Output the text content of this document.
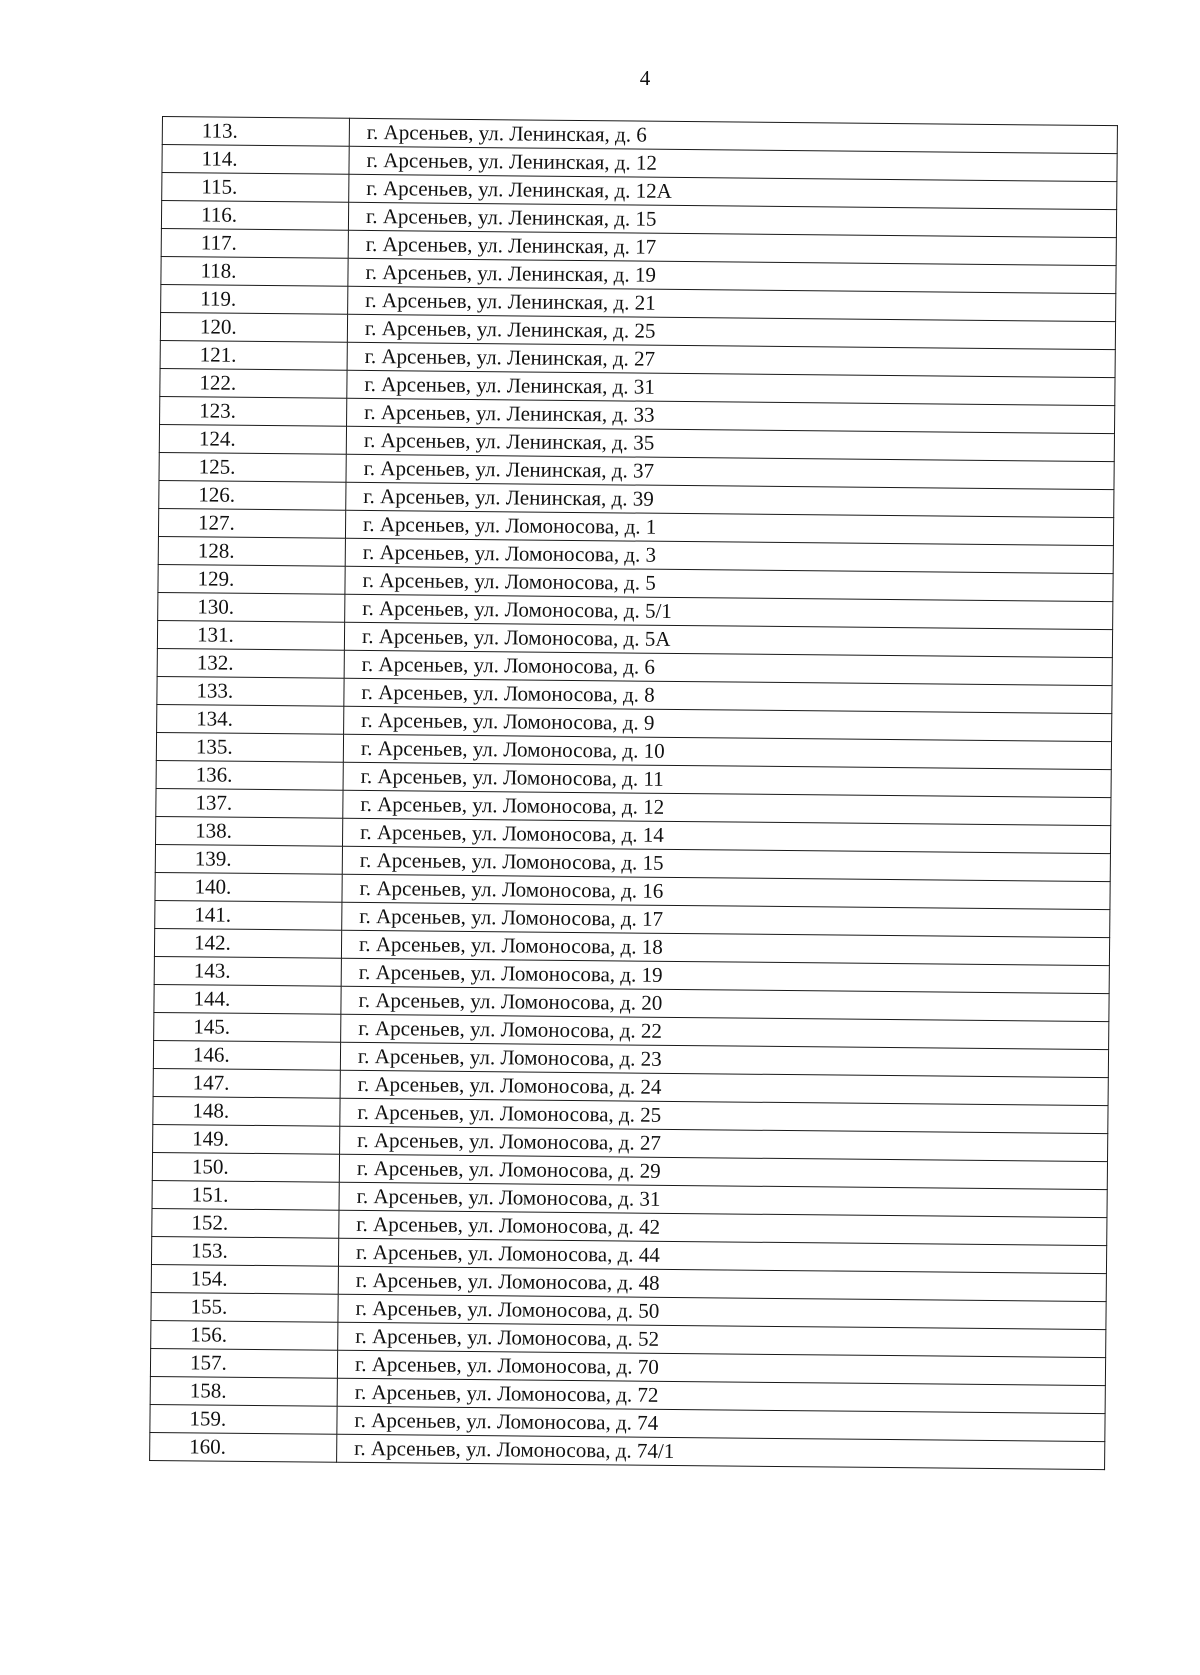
4
113.	г. Арсеньев, ул. Ленинская, д. 6
114.	г. Арсеньев, ул. Ленинская, д. 12
115.	г. Арсеньев, ул. Ленинская, д. 12А
116.	г. Арсеньев, ул. Ленинская, д. 15
117.	г. Арсеньев, ул. Ленинская, д. 17
118.	г. Арсеньев, ул. Ленинская, д. 19
119.	г. Арсеньев, ул. Ленинская, д. 21
120.	г. Арсеньев, ул. Ленинская, д. 25
121.	г. Арсеньев, ул. Ленинская, д. 27
122.	г. Арсеньев, ул. Ленинская, д. 31
123.	г. Арсеньев, ул. Ленинская, д. 33
124.	г. Арсеньев, ул. Ленинская, д. 35
125.	г. Арсеньев, ул. Ленинская, д. 37
126.	г. Арсеньев, ул. Ленинская, д. 39
127.	г. Арсеньев, ул. Ломоносова, д. 1
128.	г. Арсеньев, ул. Ломоносова, д. 3
129.	г. Арсеньев, ул. Ломоносова, д. 5
130.	г. Арсеньев, ул. Ломоносова, д. 5/1
131.	г. Арсеньев, ул. Ломоносова, д. 5А
132.	г. Арсеньев, ул. Ломоносова, д. 6
133.	г. Арсеньев, ул. Ломоносова, д. 8
134.	г. Арсеньев, ул. Ломоносова, д. 9
135.	г. Арсеньев, ул. Ломоносова, д. 10
136.	г. Арсеньев, ул. Ломоносова, д. 11
137.	г. Арсеньев, ул. Ломоносова, д. 12
138.	г. Арсеньев, ул. Ломоносова, д. 14
139.	г. Арсеньев, ул. Ломоносова, д. 15
140.	г. Арсеньев, ул. Ломоносова, д. 16
141.	г. Арсеньев, ул. Ломоносова, д. 17
142.	г. Арсеньев, ул. Ломоносова, д. 18
143.	г. Арсеньев, ул. Ломоносова, д. 19
144.	г. Арсеньев, ул. Ломоносова, д. 20
145.	г. Арсеньев, ул. Ломоносова, д. 22
146.	г. Арсеньев, ул. Ломоносова, д. 23
147.	г. Арсеньев, ул. Ломоносова, д. 24
148.	г. Арсеньев, ул. Ломоносова, д. 25
149.	г. Арсеньев, ул. Ломоносова, д. 27
150.	г. Арсеньев, ул. Ломоносова, д. 29
151.	г. Арсеньев, ул. Ломоносова, д. 31
152.	г. Арсеньев, ул. Ломоносова, д. 42
153.	г. Арсеньев, ул. Ломоносова, д. 44
154.	г. Арсеньев, ул. Ломоносова, д. 48
155.	г. Арсеньев, ул. Ломоносова, д. 50
156.	г. Арсеньев, ул. Ломоносова, д. 52
157.	г. Арсеньев, ул. Ломоносова, д. 70
158.	г. Арсеньев, ул. Ломоносова, д. 72
159.	г. Арсеньев, ул. Ломоносова, д. 74
160.	г. Арсеньев, ул. Ломоносова, д. 74/1
